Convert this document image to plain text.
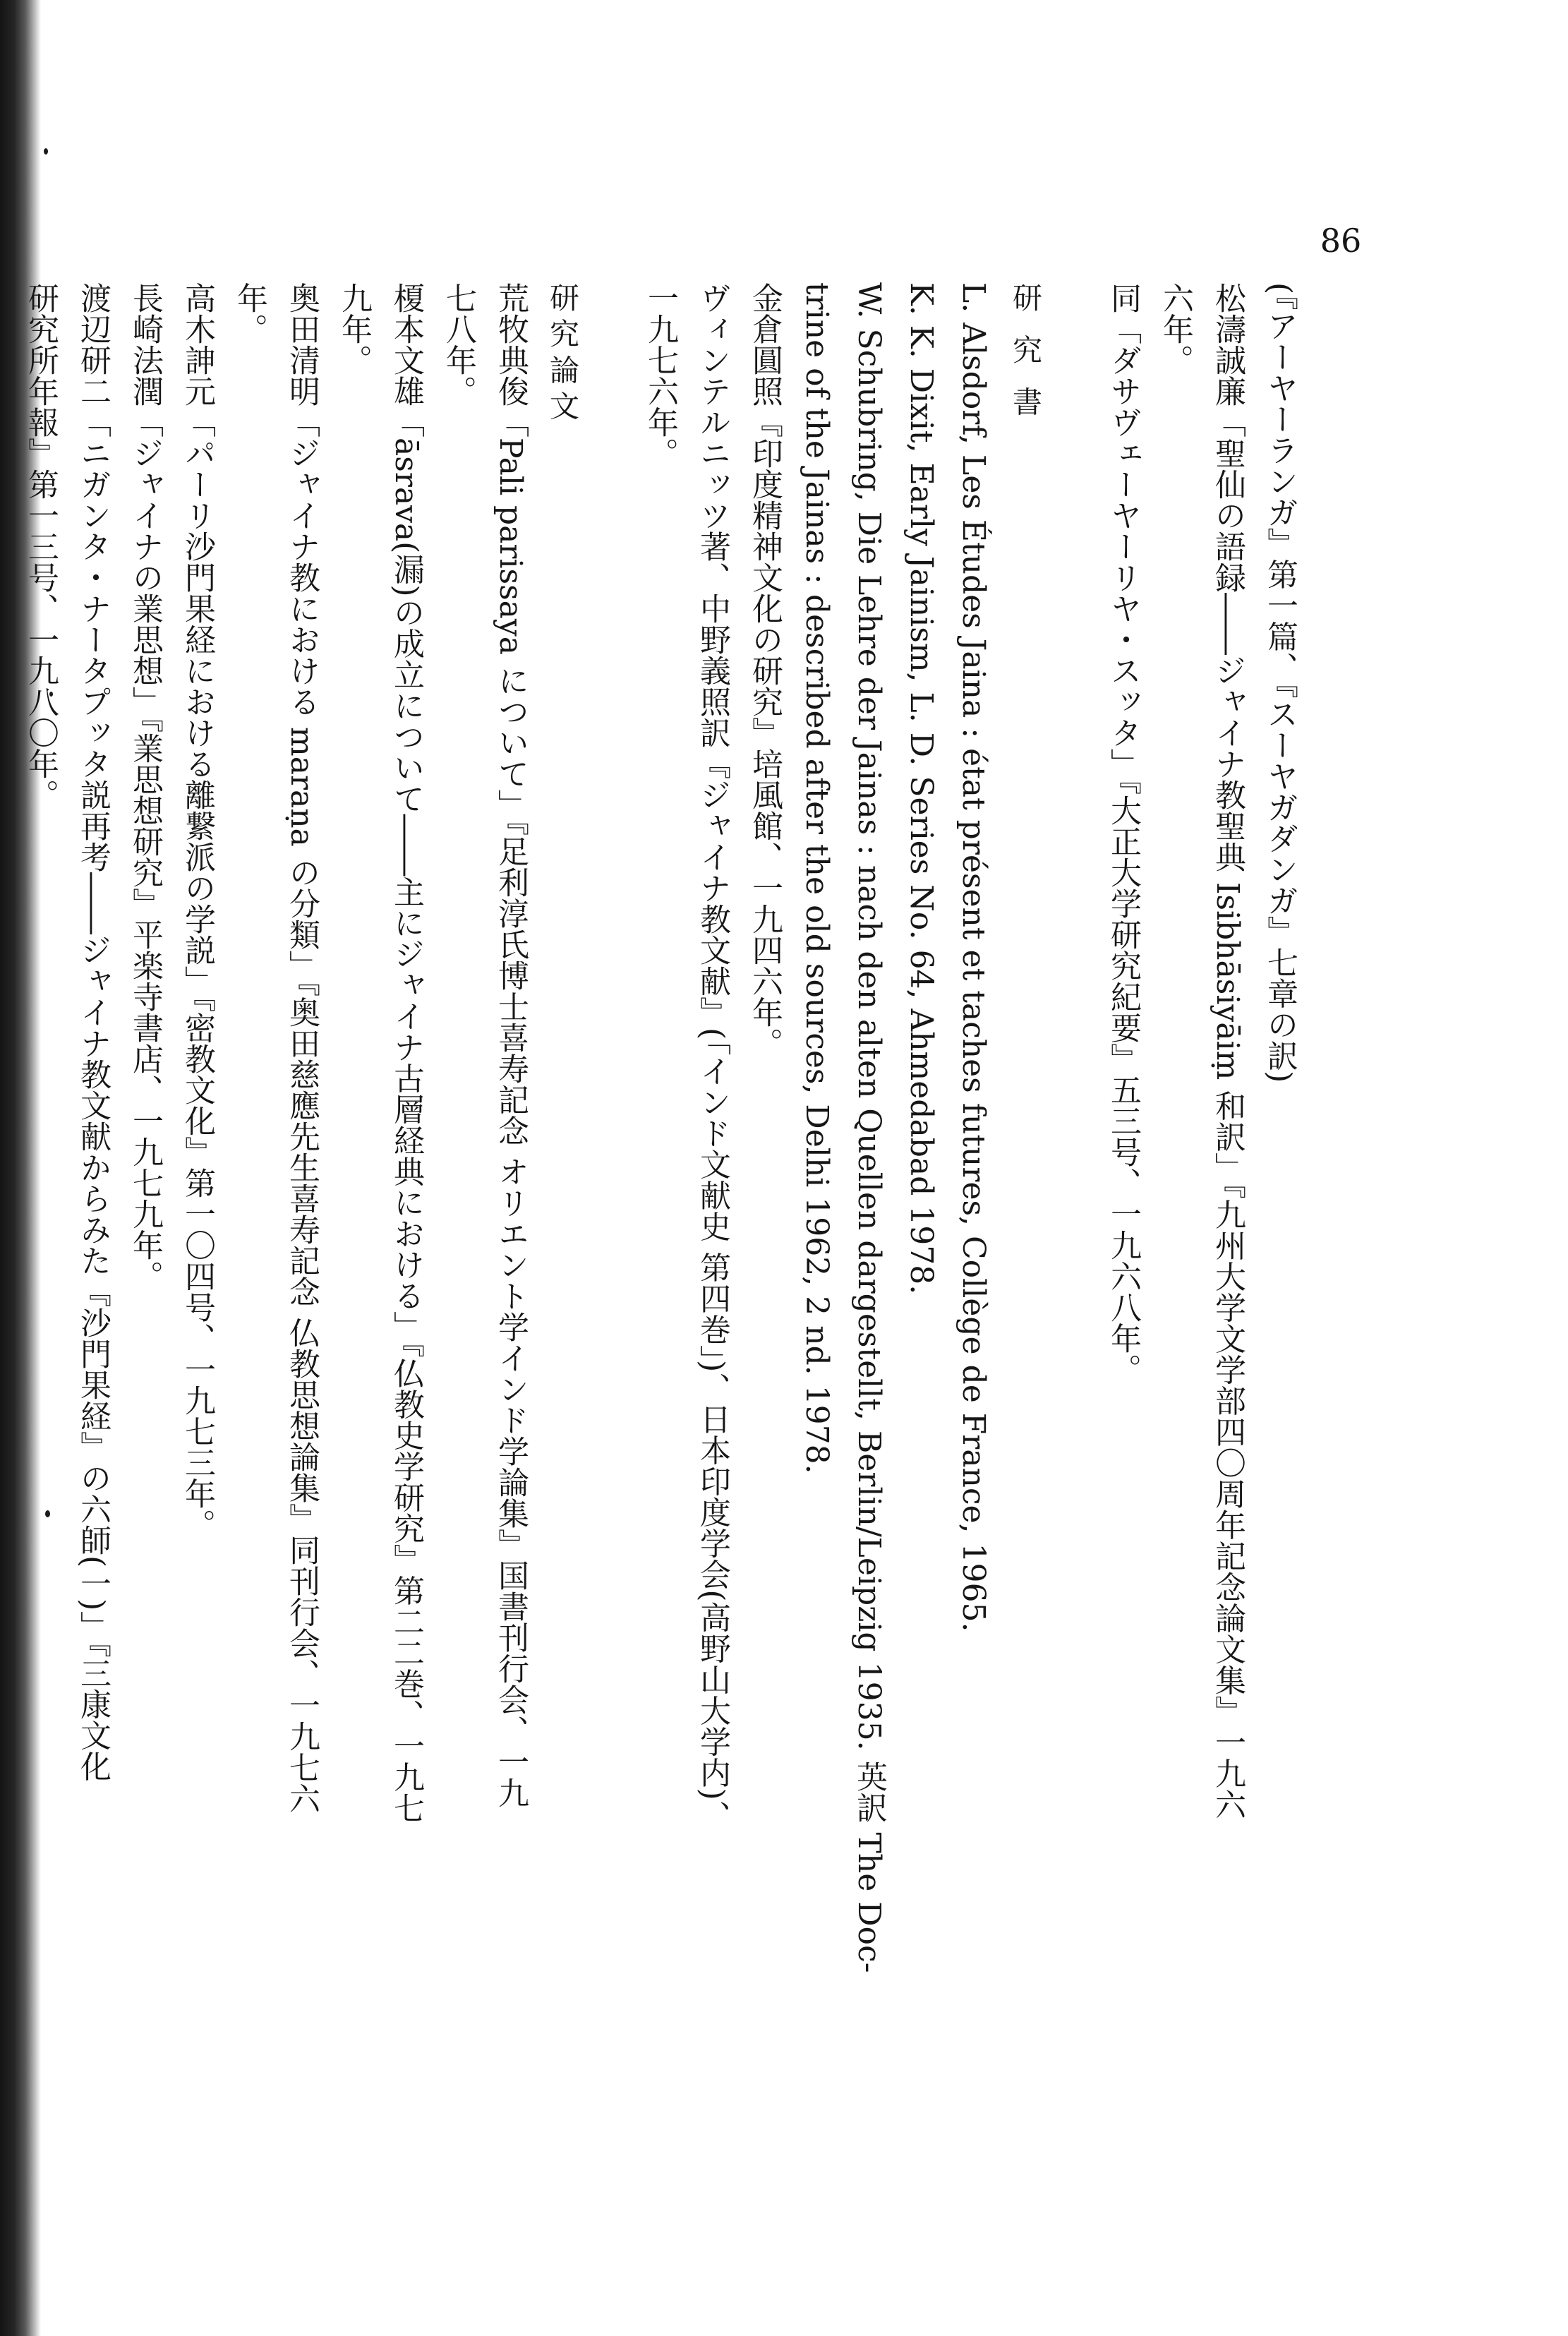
86
(『アーヤーランガ』第一篇、『スーヤガダンガ』七章の訳)
松濤誠廉「聖仙の語録――ジャイナ教聖典 Isibhāsiyāiṃ 和訳」『九州大学文学部四〇周年記念論文集』一九六
六年。
同「ダサヴェーヤーリヤ・スッタ」『大正大学研究紀要』五三号、一九六八年。
研 究 書
L. Alsdorf, Les Études Jaina : état présent et taches futures, Collège de France, 1965.
K. K. Dixit, Early Jainism, L. D. Series No. 64, Ahmedabad 1978.
W. Schubring, Die Lehre der Jainas : nach den alten Quellen dargestellt, Berlin/Leipzig 1935. 英訳 The Doc-
trine of the Jainas : described after the old sources, Delhi 1962, 2 nd. 1978.
金倉圓照『印度精神文化の研究』培風館、一九四六年。
ヴィンテルニッツ著、中野義照訳『ジャイナ教文献』(「インド文献史 第四巻」)、日本印度学会(高野山大学内)、
一九七六年。
研究論文
荒牧典俊「Pali parissaya について」『足利淳氏博士喜寿記念 オリエント学インド学論集』国書刊行会、一九
七八年。
榎本文雄「āsrava(漏)の成立について――主にジャイナ古層経典における」『仏教史学研究』第二二巻、一九七
九年。
奥田清明「ジャイナ教における maraṇa の分類」『奥田慈應先生喜寿記念 仏教思想論集』同刊行会、一九七六
年。
高木訷元「パーリ沙門果経における離繋派の学説」『密教文化』第一〇四号、一九七三年。
長崎法潤「ジャイナの業思想」『業思想研究』平楽寺書店、一九七九年。
渡辺研二「ニガンタ・ナータプッタ説再考――ジャイナ教文献からみた『沙門果経』の六師(一)」『三康文化
研究所年報』第一三号、一九八〇年。
